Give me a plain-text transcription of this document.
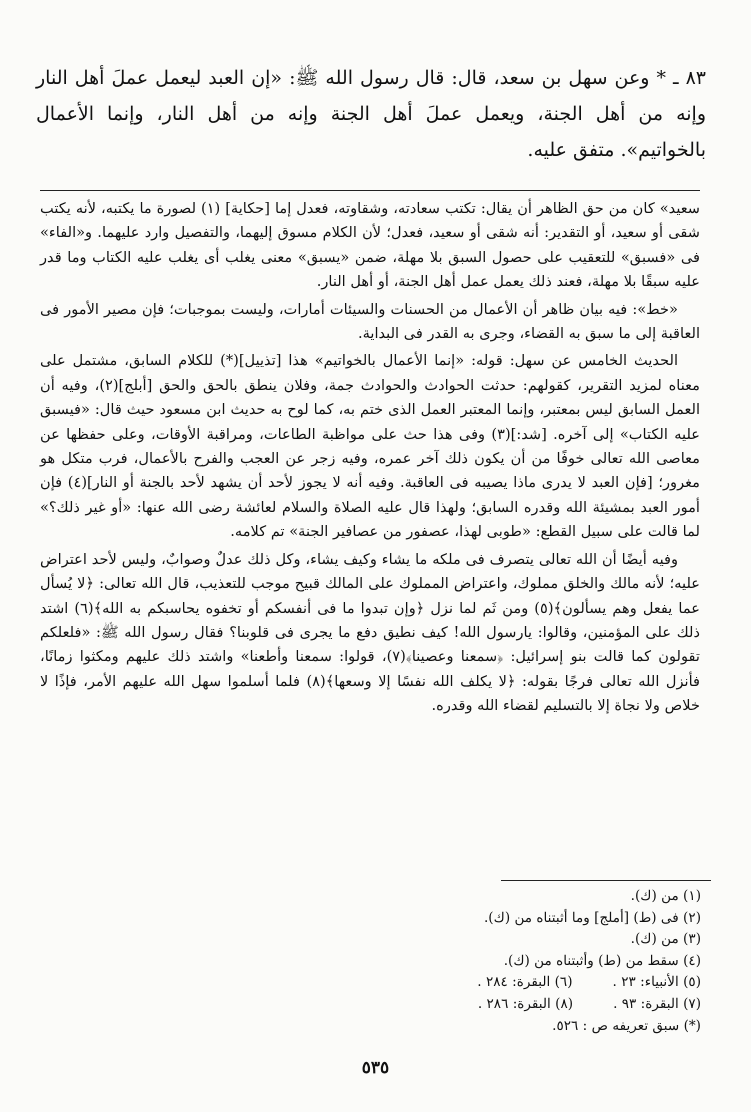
٨٣ ـ * وعن سهل بن سعد، قال: قال رسول الله ﷺ: «إن العبد ليعمل عملَ أهل النار وإنه من أهل الجنة، ويعمل عملَ أهل الجنة وإنه من أهل النار، وإنما الأعمال بالخواتيم». متفق عليه.

سعيد» كان من حق الظاهر أن يقال: تكتب سعادته، وشقاوته، فعدل إما [حكاية] (١) لصورة ما يكتبه، لأنه يكتب شقى أو سعيد، أو التقدير: أنه شقى أو سعيد، فعدل؛ لأن الكلام مسوق إليهما، والتفصيل وارد عليهما. و«الفاء» فى «فسبق» للتعقيب على حصول السبق بلا مهلة، ضمن «يسبق» معنى يغلب أى يغلب عليه الكتاب وما قدر عليه سبقًا بلا مهلة، فعند ذلك يعمل عمل أهل الجنة، أو أهل النار.

«خط»: فيه بيان ظاهر أن الأعمال من الحسنات والسيئات أمارات، وليست بموجبات؛ فإن مصير الأمور فى العاقبة إلى ما سبق به القضاء، وجرى به القدر فى البداية.

الحديث الخامس عن سهل: قوله: «إنما الأعمال بالخواتيم» هذا [تذييل](*) للكلام السابق، مشتمل على معناه لمزيد التقرير، كقولهم: حدثت الحوادث والحوادث جمة، وفلان ينطق بالحق والحق [أبلج](٢)، وفيه أن العمل السابق ليس بمعتبر، وإنما المعتبر العمل الذى ختم به، كما لوح به حديث ابن مسعود حيث قال: «فيسبق عليه الكتاب» إلى آخره. [شد:](٣) وفى هذا حث على مواظبة الطاعات، ومراقبة الأوقات، وعلى حفظها عن معاصى الله تعالى خوفًا من أن يكون ذلك آخر عمره، وفيه زجر عن العجب والفرح بالأعمال، فرب متكل هو مغرور؛ [فإن العبد لا يدرى ماذا يصيبه فى العاقبة. وفيه أنه لا يجوز لأحد أن يشهد لأحد بالجنة أو النار](٤) فإن أمور العبد بمشيئة الله وقدره السابق؛ ولهذا قال عليه الصلاة والسلام لعائشة رضى الله عنها: «أو غير ذلك؟» لما قالت على سبيل القطع: «طوبى لهذا، عصفور من عصافير الجنة» تم كلامه.

وفيه أيضًا أن الله تعالى يتصرف فى ملكه ما يشاء وكيف يشاء، وكل ذلك عدلٌ وصوابٌ، وليس لأحد اعتراض عليه؛ لأنه مالك والخلق مملوك، واعتراض المملوك على المالك قبيح موجب للتعذيب، قال الله تعالى: ﴿لا يُسأل عما يفعل وهم يسألون﴾(٥) ومن ثَم لما نزل ﴿وإن تبدوا ما فى أنفسكم أو تخفوه يحاسبكم به الله﴾(٦) اشتد ذلك على المؤمنين، وقالوا: يارسول الله! كيف نطيق دفع ما يجرى فى قلوبنا؟ فقال رسول الله ﷺ: «فلعلكم تقولون كما قالت بنو إسرائيل: ﴿سمعنا وعصينا﴾(٧)، قولوا: سمعنا وأطعنا» واشتد ذلك عليهم ومكثوا زمانًا، فأنزل الله تعالى فرجًا بقوله: ﴿لا يكلف الله نفسًا إلا وسعها﴾(٨) فلما أسلموا سهل الله عليهم الأمر، فإذًا لا خلاص ولا نجاة إلا بالتسليم لقضاء الله وقدره.

(١) من (ك).
(٢) فى (ط) [أملج] وما أثبتناه من (ك).
(٣) من (ك).
(٤) سقط من (ط) وأثبتناه من (ك).
(٥) الأنبياء: ٢٣ .
(٦) البقرة: ٢٨٤ .
(٧) البقرة: ٩٣ .
(٨) البقرة: ٢٨٦ .
(*) سبق تعريفه ص : ٥٢٦.
٥٣٥
